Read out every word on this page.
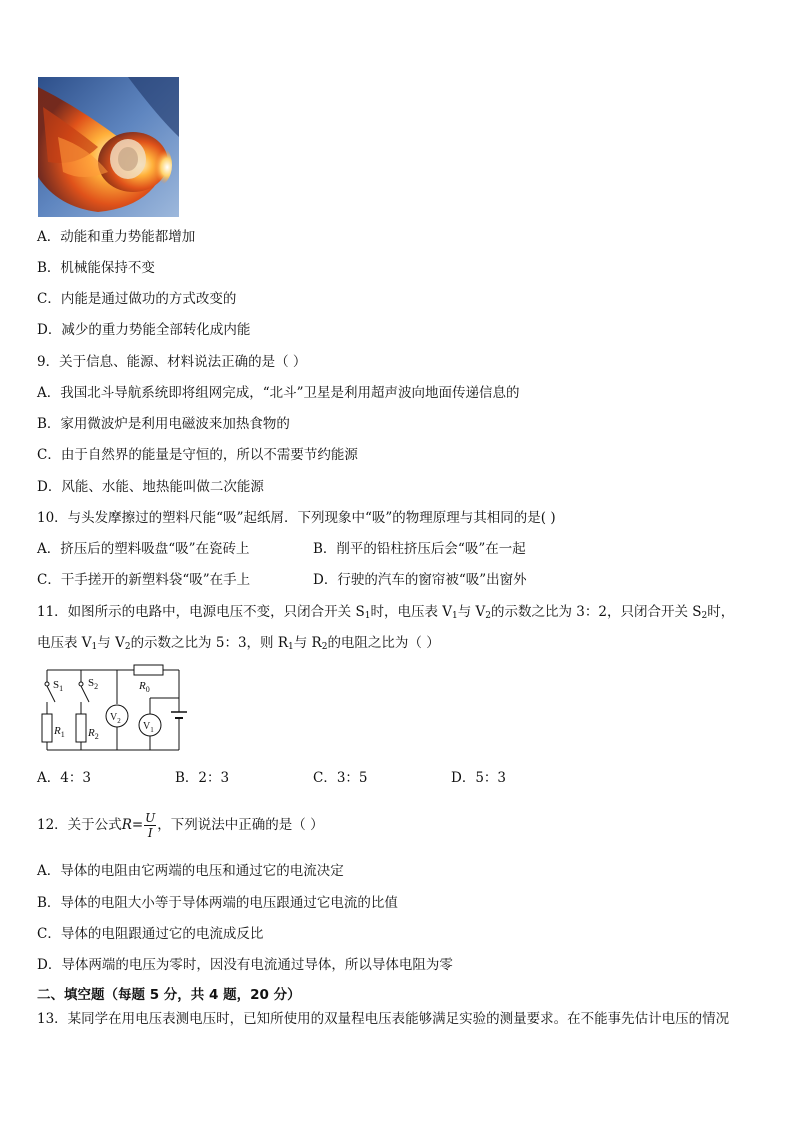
A．动能和重力势能都增加
B．机械能保持不变
C．内能是通过做功的方式改变的
D．减少的重力势能全部转化成内能
9．关于信息、能源、材料说法正确的是（ ）
A．我国北斗导航系统即将组网完成，“北斗”卫星是利用超声波向地面传递信息的
B．家用微波炉是利用电磁波来加热食物的
C．由于自然界的能量是守恒的，所以不需要节约能源
D．风能、水能、地热能叫做二次能源
10．与头发摩擦过的塑料尺能“吸”起纸屑．下列现象中“吸”的物理原理与其相同的是( )
A．挤压后的塑料吸盘“吸”在瓷砖上	B．削平的铅柱挤压后会“吸”在一起
C．干手搓开的新塑料袋“吸”在手上	D．行驶的汽车的窗帘被“吸”出窗外
11．如图所示的电路中，电源电压不变，只闭合开关 $S_1$时，电压表 $V_1$与 $V_2$的示数之比为 3：2，只闭合开关 $S_2$时，
电压表 $V_1$与 $V_2$的示数之比为 5：3，则 $R_1$与 $R_2$的电阻之比为（ ）
$S_1$ $S_2$	$R_0$
$R_1$ $R_2$
$V_2$ $V_1$
A．4：3	B．2：3	C．3：5	D．5：3
12．关于公式$R= \frac{U}{I}$ ，下列说法中正确的是（ ）
A．导体的电阻由它两端的电压和通过它的电流决定
B．导体的电阻大小等于导体两端的电压跟通过它电流的比值
C．导体的电阻跟通过它的电流成反比
D．导体两端的电压为零时，因没有电流通过导体，所以导体电阻为零
二、填空题（每题 5 分，共 4 题，20 分）
13．某同学在用电压表测电压时，已知所使用的双量程电压表能够满足实验的测量要求。在不能事先估计电压的情况
